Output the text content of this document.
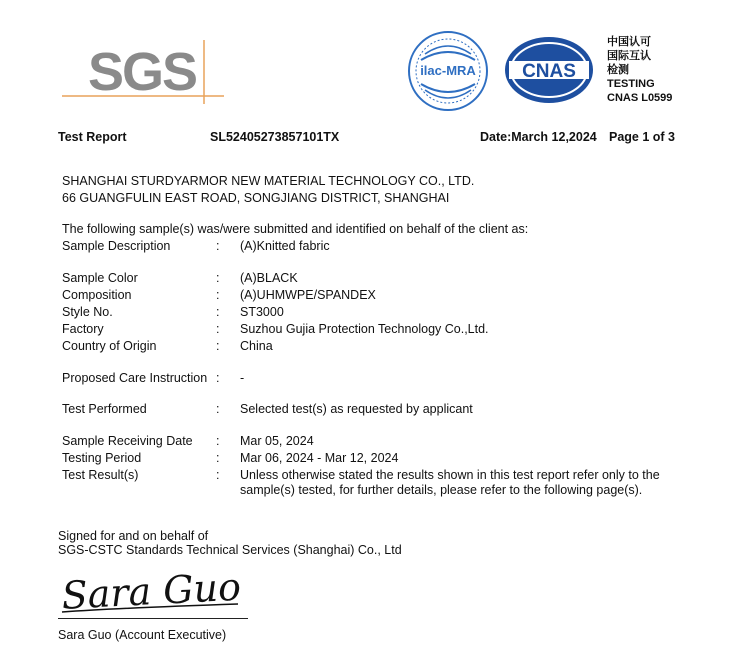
SGS	ilac-MRA CNAS
中国认可
国际互认
检测
TESTING
CNAS L0599
Test Report	SL52405273857101TX	Date:March 12,2024 Page 1 of 3
SHANGHAI STURDYARMOR NEW MATERIAL TECHNOLOGY CO., LTD.
66 GUANGFULIN EAST ROAD, SONGJIANG DISTRICT, SHANGHAI
The following sample(s) was/were submitted and identified on behalf of the client as:
Sample Description	: (A)Knitted fabric
Sample Color	: (A)BLACK
Composition	: (A)UHMWPE/SPANDEX
Style No.	: ST3000
Factory	: Suzhou Gujia Protection Technology Co.,Ltd.
Country of Origin	: China
Proposed Care Instruction : -
Test Performed	: Selected test(s) as requested by applicant
Sample Receiving Date : Mar 05, 2024
Testing Period	: Mar 06, 2024 - Mar 12, 2024
Test Result(s)	: Unless otherwise stated the results shown in this test report refer only to the
sample(s) tested, for further details, please refer to the following page(s).
Signed for and on behalf of
SGS-CSTC Standards Technical Services (Shanghai) Co., Ltd
Sara Guo
Sara Guo (Account Executive)
